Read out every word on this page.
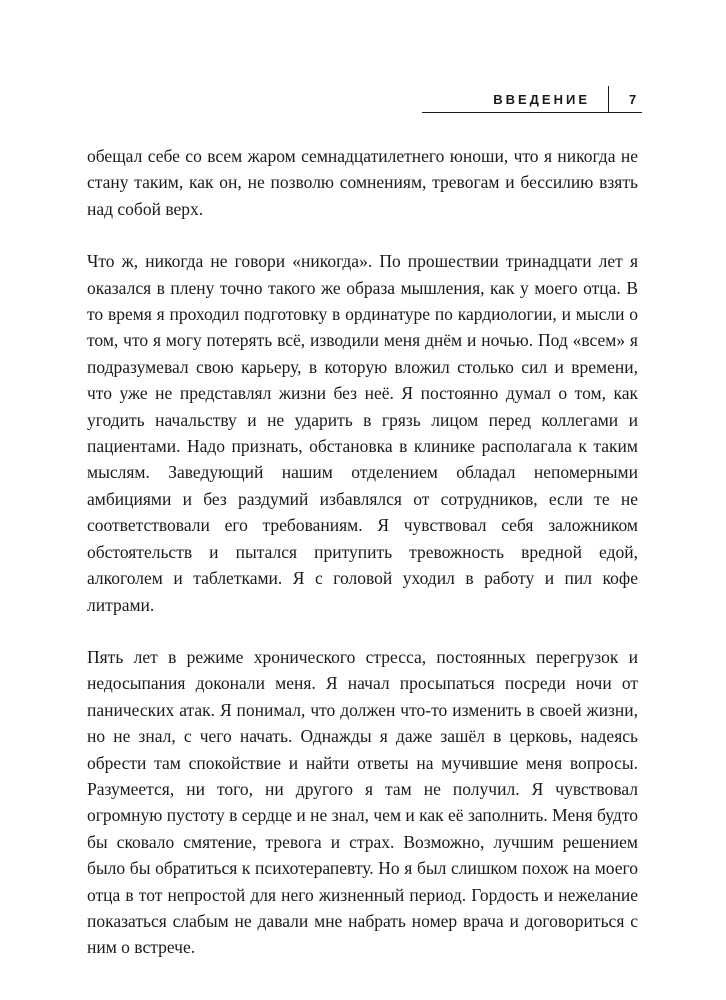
ВВЕДЕНИЕ	7

обещал себе со всем жаром семнадцатилетнего юноши, что я никогда не стану таким, как он, не позволю сомнениям, тревогам и бессилию взять над собой верх.

Что ж, никогда не говори «никогда». По прошествии тринадцати лет я оказался в плену точно такого же образа мышления, как у моего отца. В то время я проходил подготовку в ординатуре по кардиологии, и мысли о том, что я могу потерять всё, изводили меня днём и ночью. Под «всем» я подразумевал свою карьеру, в которую вложил столько сил и времени, что уже не представлял жизни без неё. Я постоянно думал о том, как угодить начальству и не ударить в грязь лицом перед коллегами и пациентами. Надо признать, обстановка в клинике располагала к таким мыслям. Заведующий нашим отделением обладал непомерными амбициями и без раздумий избавлялся от сотрудников, если те не соответствовали его требованиям. Я чувствовал себя заложником обстоятельств и пытался притупить тревожность вредной едой, алкоголем и таблетками. Я с головой уходил в работу и пил кофе литрами.

Пять лет в режиме хронического стресса, постоянных перегрузок и недосыпания доконали меня. Я начал просыпаться посреди ночи от панических атак. Я понимал, что должен что-то изменить в своей жизни, но не знал, с чего начать. Однажды я даже зашёл в церковь, надеясь обрести там спокойствие и найти ответы на мучившие меня вопросы. Разумеется, ни того, ни другого я там не получил. Я чувствовал огромную пустоту в сердце и не знал, чем и как её заполнить. Меня будто бы сковало смятение, тревога и страх. Возможно, лучшим решением было бы обратиться к психотерапевту. Но я был слишком похож на моего отца в тот непростой для него жизненный период. Гордость и нежелание показаться слабым не давали мне набрать номер врача и договориться с ним о встрече.
